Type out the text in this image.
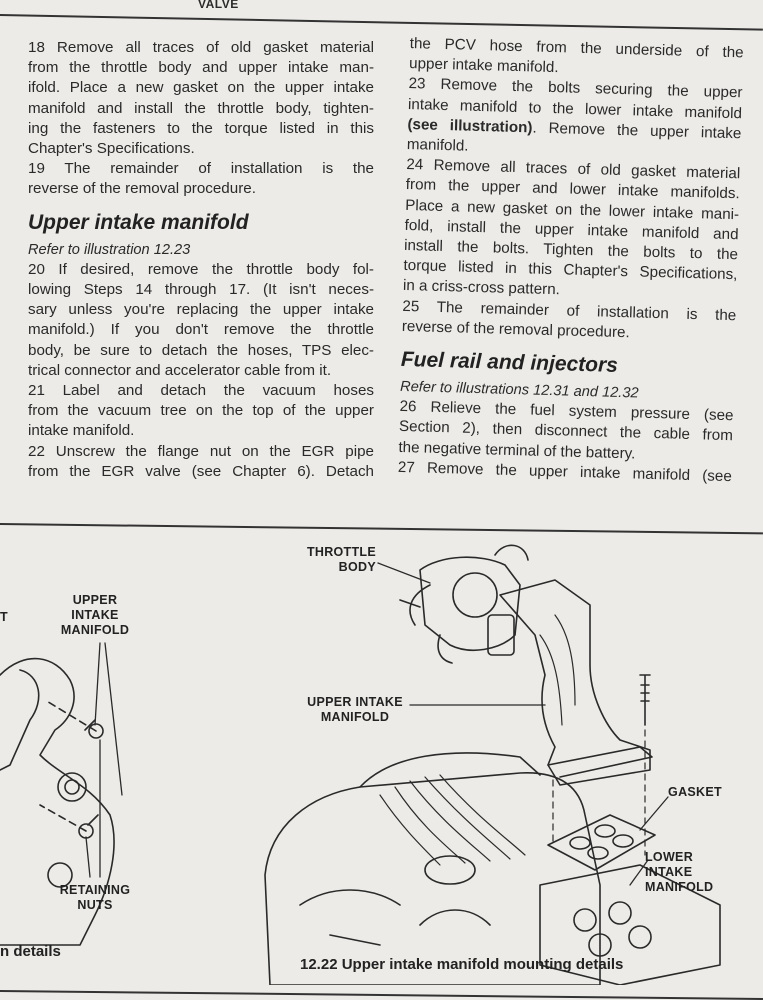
VALVE

18 Remove all traces of old gasket material

from the throttle body and upper intake man-

ifold. Place a new gasket on the upper intake

manifold and install the throttle body, tighten-

ing the fasteners to the torque listed in this

Chapter's Specifications.

19 The remainder of installation is the

reverse of the removal procedure.

Upper intake manifold

Refer to illustration 12.23

20 If desired, remove the throttle body fol-

lowing Steps 14 through 17. (It isn't neces-

sary unless you're replacing the upper intake

manifold.) If you don't remove the throttle

body, be sure to detach the hoses, TPS elec-

trical connector and accelerator cable from it.

21 Label and detach the vacuum hoses

from the vacuum tree on the top of the upper

intake manifold.

22 Unscrew the flange nut on the EGR pipe

from the EGR valve (see Chapter 6). Detach

the PCV hose from the underside of the

upper intake manifold.

23 Remove the bolts securing the upper

intake manifold to the lower intake manifold

(see illustration). Remove the upper intake

manifold.

24 Remove all traces of old gasket material

from the upper and lower intake manifolds.

Place a new gasket on the lower intake mani-

fold, install the upper intake manifold and

install the bolts. Tighten the bolts to the

torque listed in this Chapter's Specifications,

in a criss-cross pattern.

25 The remainder of installation is the

reverse of the removal procedure.

Fuel rail and injectors

Refer to illustrations 12.31 and 12.32

26 Relieve the fuel system pressure (see

Section 2), then disconnect the cable from

the negative terminal of the battery.

27 Remove the upper intake manifold (see

THROTTLE
BODY
UPPER
INTAKE
MANIFOLD
T
UPPER INTAKE
MANIFOLD
GASKET
LOWER
INTAKE
MANIFOLD
RETAINING
NUTS
n details
12.22 Upper intake manifold mounting details
